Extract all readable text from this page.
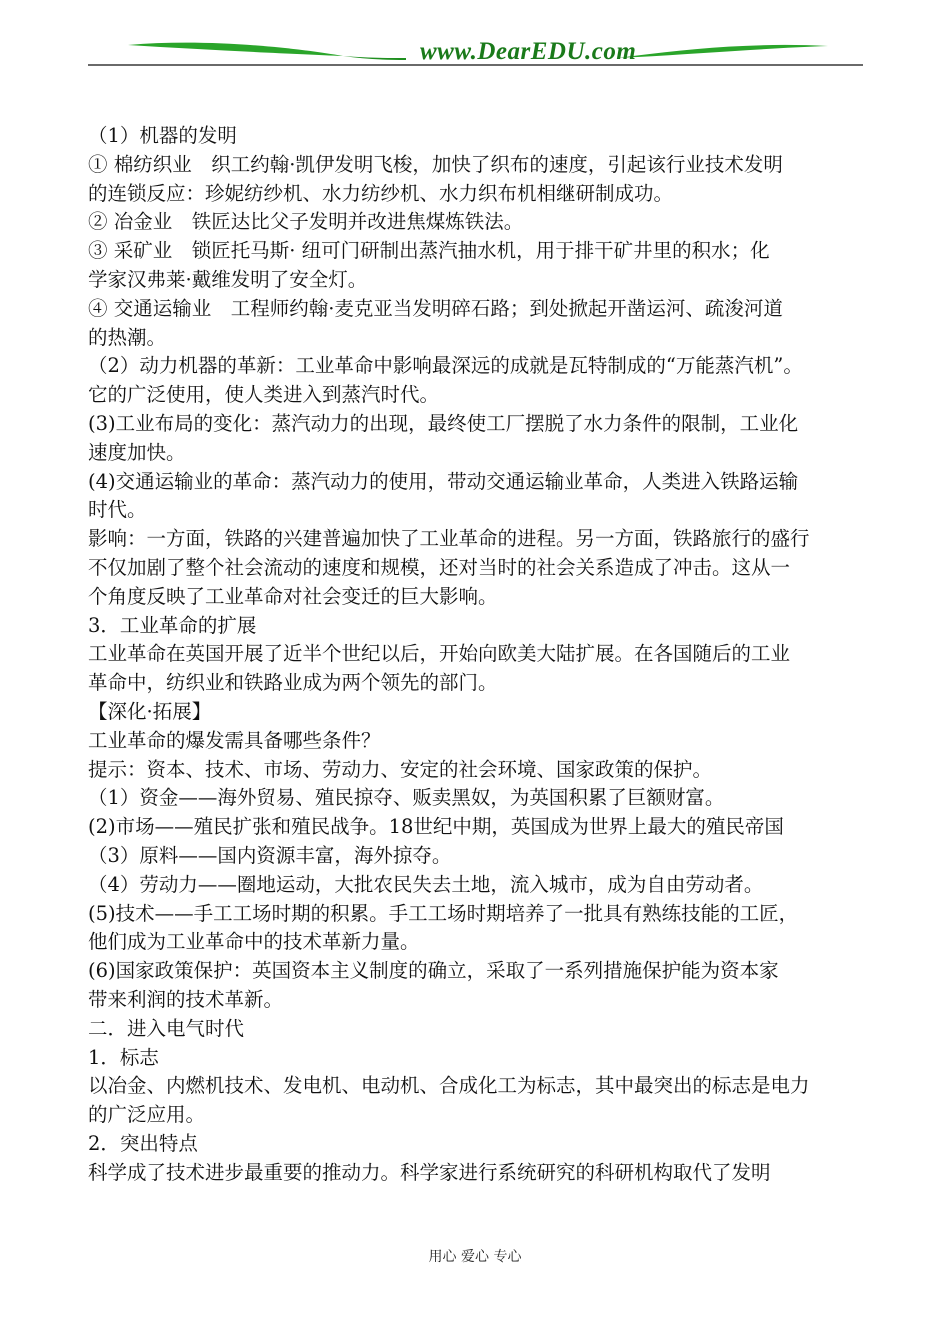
www.DearEDU.com
（1）机器的发明
① 棉纺织业　织工约翰·凯伊发明飞梭，加快了织布的速度，引起该行业技术发明
的连锁反应：珍妮纺纱机、水力纺纱机、水力织布机相继研制成功。
② 冶金业　铁匠达比父子发明并改进焦煤炼铁法。
③ 采矿业　锁匠托马斯· 纽可门研制出蒸汽抽水机，用于排干矿井里的积水；化
学家汉弗莱·戴维发明了安全灯。
④ 交通运输业　工程师约翰·麦克亚当发明碎石路；到处掀起开凿运河、疏浚河道
的热潮。
（2）动力机器的革新：工业革命中影响最深远的成就是瓦特制成的“万能蒸汽机”。
它的广泛使用，使人类进入到蒸汽时代。
(3)工业布局的变化：蒸汽动力的出现，最终使工厂摆脱了水力条件的限制，工业化
速度加快。
(4)交通运输业的革命：蒸汽动力的使用，带动交通运输业革命，人类进入铁路运输
时代。
影响：一方面，铁路的兴建普遍加快了工业革命的进程。另一方面，铁路旅行的盛行
不仅加剧了整个社会流动的速度和规模，还对当时的社会关系造成了冲击。这从一
个角度反映了工业革命对社会变迁的巨大影响。
3．工业革命的扩展
工业革命在英国开展了近半个世纪以后，开始向欧美大陆扩展。在各国随后的工业
革命中，纺织业和铁路业成为两个领先的部门。
【深化·拓展】
工业革命的爆发需具备哪些条件？
提示：资本、技术、市场、劳动力、安定的社会环境、国家政策的保护。
（1）资金——海外贸易、殖民掠夺、贩卖黑奴，为英国积累了巨额财富。
(2)市场——殖民扩张和殖民战争。18世纪中期，英国成为世界上最大的殖民帝国
（3）原料——国内资源丰富，海外掠夺。
（4）劳动力——圈地运动，大批农民失去土地，流入城市，成为自由劳动者。
(5)技术——手工工场时期的积累。手工工场时期培养了一批具有熟练技能的工匠，
他们成为工业革命中的技术革新力量。
(6)国家政策保护：英国资本主义制度的确立，采取了一系列措施保护能为资本家
带来利润的技术革新。
二．进入电气时代
1．标志
以冶金、内燃机技术、发电机、电动机、合成化工为标志，其中最突出的标志是电力
的广泛应用。
2．突出特点
科学成了技术进步最重要的推动力。科学家进行系统研究的科研机构取代了发明
用心 爱心 专心
